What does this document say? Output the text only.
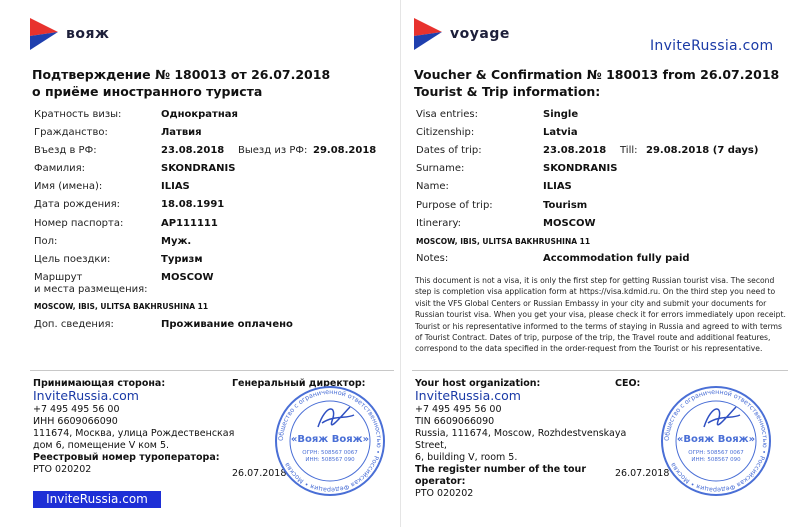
вояж
Подтверждение № 180013 от 26.07.2018
о приёме иностранного туриста
Кратность визы:	Однократная
Гражданство:	Латвия
Въезд в РФ:	23.08.2018 Выезд из РФ: 29.08.2018
Фамилия:	SKONDRANIS
Имя (имена):	ILIAS
Дата рождения:	18.08.1991
Номер паспорта:	AP111111
Пол:	Муж.
Цель поездки:	Туризм
Маршрут
и места размещения:
MOSCOW
MOSCOW, IBIS, ULITSA BAKHRUSHINA 11
Доп. сведения:	Проживание оплачено
Принимающая сторона:
InviteRussia.com
+7 495 495 56 00
ИНН 6609066090
111674, Москва, улица Рождественская
дом 6, помещение V ком 5.
Реестровый номер туроператора:
РТО 020202
Генеральный директор:
26.07.2018
InviteRussia.com
Общество с ограниченной ответственностью • Российская Федерация • Москва
«Вояж Вояж»
ОГРН: 508567 0067
ИНН: 508567 090
voyage
InviteRussia.com
Voucher & Confirmation № 180013 from 26.07.2018
Tourist & Trip information:
Visa entries:	Single
Citizenship:	Latvia
Dates of trip:	23.08.2018 Till: 29.08.2018 (7 days)
Surname:	SKONDRANIS
Name:	ILIAS
Purpose of trip:	Tourism
Itinerary:	MOSCOW
MOSCOW, IBIS, ULITSA BAKHRUSHINA 11
Notes:	Accommodation fully paid
This document is not a visa, it is only the first step for getting Russian tourist visa. The second step is completion visa application form at https://visa.kdmid.ru. On the third step you need to visit the VFS Global Centers or Russian Embassy in your city and submit your documents for Russian tourist visa. When you get your visa, please check it for errors immediately upon receipt. Tourist or his representative informed to the terms of staying in Russia and agreed to with terms of Tourist Contract. Dates of trip, purpose of the trip, the Travel route and additional features, correspond to the data specified in the order-request from the Tourist or his representative.
Your host organization:
InviteRussia.com
+7 495 495 56 00
TIN 6609066090
Russia, 111674, Moscow, Rozhdestvenskaya
Street,
6, building V, room 5.
The register number of the tour
operator:
PTO 020202
CEO:
26.07.2018
Общество с ограниченной ответственностью • Российская Федерация • Москва
«Вояж Вояж»
ОГРН: 508567 0067
ИНН: 508567 090
